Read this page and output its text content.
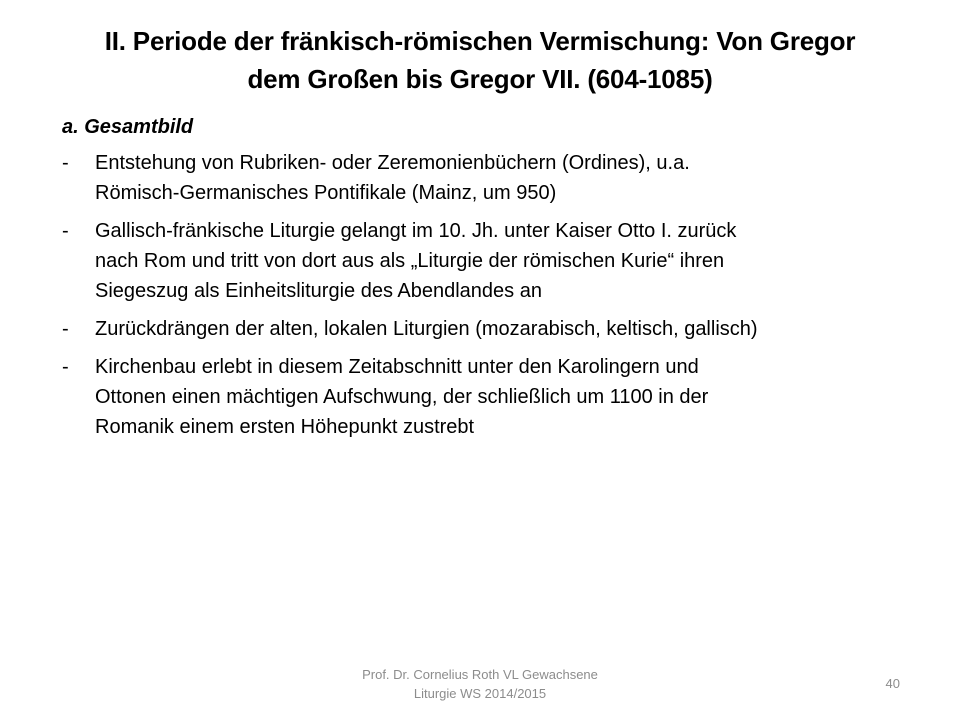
II. Periode der fränkisch-römischen Vermischung: Von Gregor
dem Großen bis Gregor VII. (604-1085)
a. Gesamtbild
- Entstehung von Rubriken- oder Zeremonienbüchern (Ordines), u.a.
Römisch-Germanisches Pontifikale (Mainz, um 950)
- Gallisch-fränkische Liturgie gelangt im 10. Jh. unter Kaiser Otto I. zurück
nach Rom und tritt von dort aus als „Liturgie der römischen Kurie“ ihren
Siegeszug als Einheitsliturgie des Abendlandes an
- Zurückdrängen der alten, lokalen Liturgien (mozarabisch, keltisch, gallisch)
- Kirchenbau erlebt in diesem Zeitabschnitt unter den Karolingern und
Ottonen einen mächtigen Aufschwung, der schließlich um 1100 in der
Romanik einem ersten Höhepunkt zustrebt
Prof. Dr. Cornelius Roth VL Gewachsene
Liturgie WS 2014/2015
40
